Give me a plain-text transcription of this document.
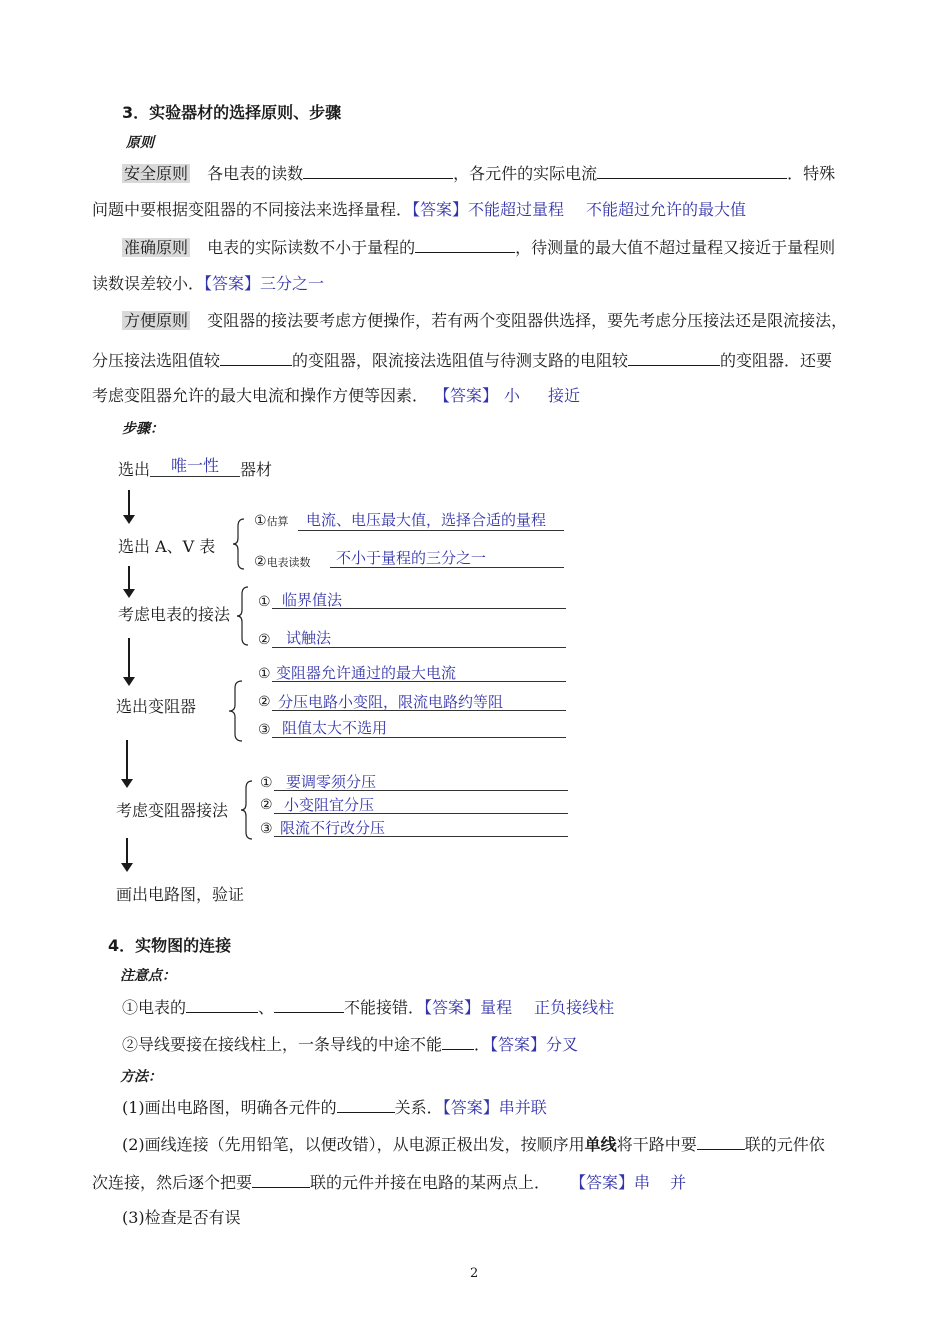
3．实验器材的选择原则、步骤
原则
安全原则 各电表的读数	，各元件的实际电流	．特殊
问题中要根据变阻器的不同接法来选择量程．【答案】不能超过量程 不能超过允许的最大值
准确原则 电表的实际读数不小于量程的	，待测量的最大值不超过量程又接近于量程则
读数误差较小．【答案】三分之一
方便原则 变阻器的接法要考虑方便操作，若有两个变阻器供选择，要先考虑分压接法还是限流接法，
分压接法选阻值较	的变阻器，限流接法选阻值与待测支路的电阻较	的变阻器．还要
考虑变阻器允许的最大电流和操作方便等因素． 【答案】 小 接近
步骤：
选出 唯一性 器材
选出 A、V 表
①估算 电流、电压最大值，选择合适的量程
②电表读数 不小于量程的三分之一
考虑电表的接法
① 临界值法
② 试触法
选出变阻器
① 变阻器允许通过的最大电流
② 分压电路小变阻，限流电路约等阻
③ 阻值太大不选用
考虑变阻器接法
① 要调零须分压
② 小变阻宜分压
③ 限流不行改分压
画出电路图，验证
4．实物图的连接
注意点：
①电表的	、	不能接错．【答案】量程 正负接线柱
②导线要接在接线柱上，一条导线的中途不能 ．【答案】分叉
方法：
(1)画出电路图，明确各元件的	关系．【答案】串并联
(2)画线连接（先用铅笔，以便改错），从电源正极出发，按顺序用单线将干路中要	联的元件依
次连接，然后逐个把要	联的元件并接在电路的某两点上． 【答案】串 并
(3)检查是否有误
2
